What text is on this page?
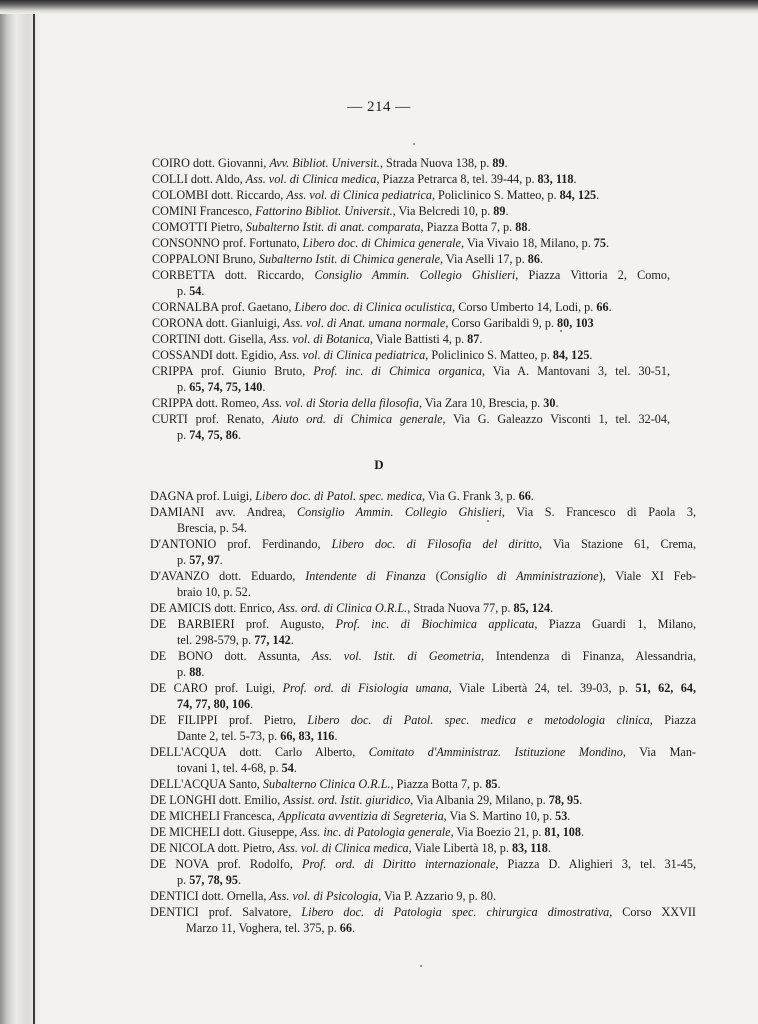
— 214 —
COIRO dott. Giovanni, Avv. Bibliot. Universit., Strada Nuova 138, p. 89.
COLLI dott. Aldo, Ass. vol. di Clinica medica, Piazza Petrarca 8, tel. 39-44, p. 83, 118.
COLOMBI dott. Riccardo, Ass. vol. di Clinica pediatrica, Policlinico S. Matteo, p. 84, 125.
COMINI Francesco, Fattorino Bibliot. Universit., Via Belcredi 10, p. 89.
COMOTTI Pietro, Subalterno Istit. di anat. comparata, Piazza Botta 7, p. 88.
CONSONNO prof. Fortunato, Libero doc. di Chimica generale, Via Vivaio 18, Milano, p. 75.
COPPALONI Bruno, Subalterno Istit. di Chimica generale, Via Aselli 17, p. 86.
CORBETTA dott. Riccardo, Consiglio Ammin. Collegio Ghislieri, Piazza Vittoria 2, Como,
p. 54.
CORNALBA prof. Gaetano, Libero doc. di Clinica oculistica, Corso Umberto 14, Lodi, p. 66.
CORONA dott. Gianluigi, Ass. vol. di Anat. umana normale, Corso Garibaldi 9, p. 80, 103
CORTINI dott. Gisella, Ass. vol. di Botanica, Viale Battisti 4, p. 87.
COSSANDI dott. Egidio, Ass. vol. di Clinica pediatrica, Policlinico S. Matteo, p. 84, 125.
CRIPPA prof. Giunio Bruto, Prof. inc. di Chimica organica, Via A. Mantovani 3, tel. 30-51,
p. 65, 74, 75, 140.
CRIPPA dott. Romeo, Ass. vol. di Storia della filosofia, Via Zara 10, Brescia, p. 30.
CURTI prof. Renato, Aiuto ord. di Chimica generale, Via G. Galeazzo Visconti 1, tel. 32-04,
p. 74, 75, 86.
D
DAGNA prof. Luigi, Libero doc. di Patol. spec. medica, Via G. Frank 3, p. 66.
DAMIANI avv. Andrea, Consiglio Ammin. Collegio Ghislieri, Via S. Francesco di Paola 3,
Brescia, p. 54.
D'ANTONIO prof. Ferdinando, Libero doc. di Filosofia del diritto, Via Stazione 61, Crema,
p. 57, 97.
D'AVANZO dott. Eduardo, Intendente di Finanza (Consiglio di Amministrazione), Viale XI Feb-
braio 10, p. 52.
DE AMICIS dott. Enrico, Ass. ord. di Clinica O.R.L., Strada Nuova 77, p. 85, 124.
DE BARBIERI prof. Augusto, Prof. inc. di Biochimica applicata, Piazza Guardi 1, Milano,
tel. 298-579, p. 77, 142.
DE BONO dott. Assunta, Ass. vol. Istit. di Geometria, Intendenza di Finanza, Alessandria,
p. 88.
DE CARO prof. Luigi, Prof. ord. di Fisiologia umana, Viale Libertà 24, tel. 39-03, p. 51, 62, 64,
74, 77, 80, 106.
DE FILIPPI prof. Pietro, Libero doc. di Patol. spec. medica e metodologia clinica, Piazza
Dante 2, tel. 5-73, p. 66, 83, 116.
DELL'ACQUA dott. Carlo Alberto, Comitato d'Amministraz. Istituzione Mondino, Via Man-
tovani 1, tel. 4-68, p. 54.
DELL'ACQUA Santo, Subalterno Clinica O.R.L., Piazza Botta 7, p. 85.
DE LONGHI dott. Emilio, Assist. ord. Istit. giuridico, Via Albania 29, Milano, p. 78, 95.
DE MICHELI Francesca, Applicata avventizia di Segreteria, Via S. Martino 10, p. 53.
DE MICHELI dott. Giuseppe, Ass. inc. di Patologia generale, Via Boezio 21, p. 81, 108.
DE NICOLA dott. Pietro, Ass. vol. di Clinica medica, Viale Libertà 18, p. 83, 118.
DE NOVA prof. Rodolfo, Prof. ord. di Diritto internazionale, Piazza D. Alighieri 3, tel. 31-45,
p. 57, 78, 95.
DENTICI dott. Ornella, Ass. vol. di Psicologia, Via P. Azzario 9, p. 80.
DENTICI prof. Salvatore, Libero doc. di Patologia spec. chirurgica dimostrativa, Corso XXVII
Marzo 11, Voghera, tel. 375, p. 66.
